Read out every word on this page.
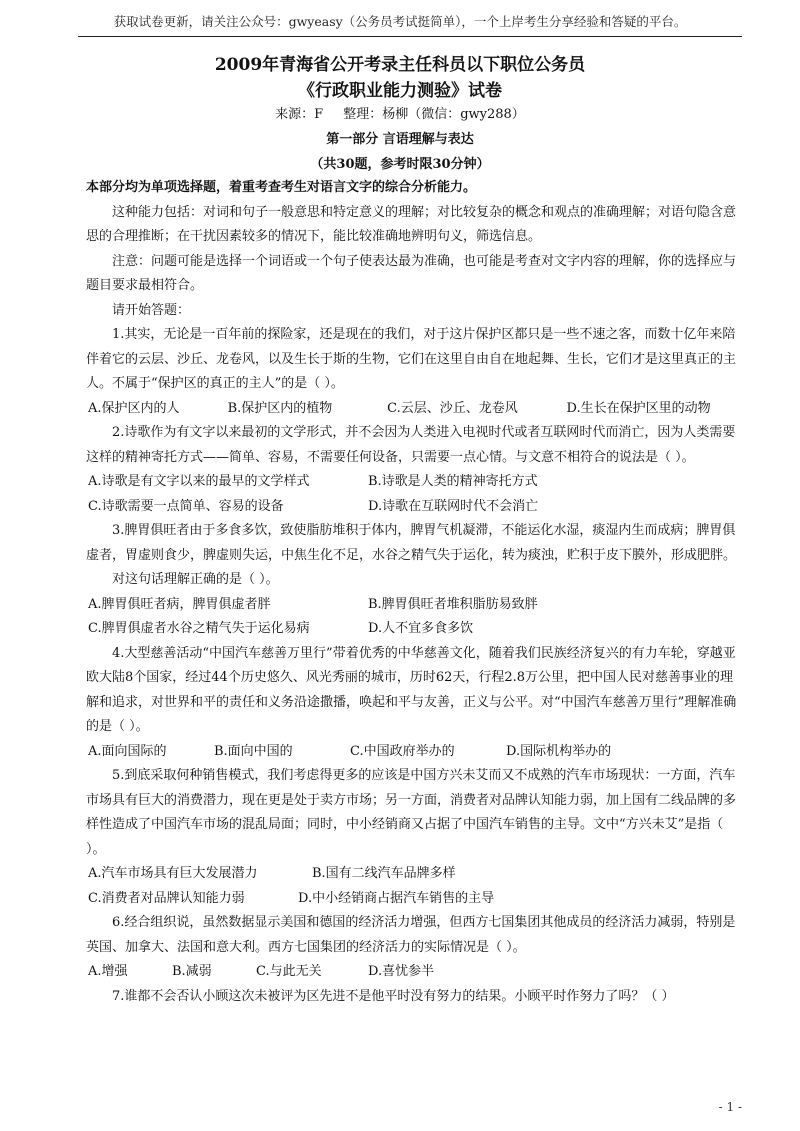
获取试卷更新，请关注公众号：gwyeasy（公务员考试挺简单），一个上岸考生分享经验和答疑的平台。
2009年青海省公开考录主任科员以下职位公务员
《行政职业能力测验》试卷
来源：F 整理：杨柳（微信：gwy288）
第一部分 言语理解与表达
（共30题，参考时限30分钟）

本部分均为单项选择题，着重考查考生对语言文字的综合分析能力。

这种能力包括：对词和句子一般意思和特定意义的理解；对比较复杂的概念和观点的准确理解；对语句隐含意思的合理推断；在干扰因素较多的情况下，能比较准确地辨明句义，筛选信息。

注意：问题可能是选择一个词语或一个句子使表达最为准确，也可能是考查对文字内容的理解，你的选择应与题目要求最相符合。

请开始答题：

1.其实，无论是一百年前的探险家，还是现在的我们，对于这片保护区都只是一些不速之客，而数十亿年来陪伴着它的云层、沙丘、龙卷风，以及生长于斯的生物，它们在这里自由自在地起舞、生长，它们才是这里真正的主人。不属于“保护区的真正的主人”的是（ ）。

A.保护区内的人	B.保护区内的植物	C.云层、沙丘、龙卷风	D.生长在保护区里的动物

2.诗歌作为有文字以来最初的文学形式，并不会因为人类进入电视时代或者互联网时代而消亡，因为人类需要这样的精神寄托方式——简单、容易，不需要任何设备，只需要一点心情。与文意不相符合的说法是（ ）。

A.诗歌是有文字以来的最早的文学样式	B.诗歌是人类的精神寄托方式
C.诗歌需要一点简单、容易的设备	D.诗歌在互联网时代不会消亡

3.脾胃俱旺者由于多食多饮，致使脂肪堆积于体内，脾胃气机凝滞，不能运化水湿，痰湿内生而成病；脾胃俱虚者，胃虚则食少，脾虚则失运，中焦生化不足，水谷之精气失于运化，转为痰浊，贮积于皮下膜外，形成肥胖。

对这句话理解正确的是（ ）。

A.脾胃俱旺者病，脾胃俱虚者胖	B.脾胃俱旺者堆积脂肪易致胖
C.脾胃俱虚者水谷之精气失于运化易病	D.人不宜多食多饮

4.大型慈善活动“中国汽车慈善万里行”带着优秀的中华慈善文化，随着我们民族经济复兴的有力车轮，穿越亚欧大陆8个国家，经过44个历史悠久、风光秀丽的城市，历时62天，行程2.8万公里，把中国人民对慈善事业的理解和追求，对世界和平的责任和义务沿途撒播，唤起和平与友善，正义与公平。对“中国汽车慈善万里行”理解准确的是（ ）。

A.面向国际的	B.面向中国的	C.中国政府举办的	D.国际机构举办的

5.到底采取何种销售模式，我们考虑得更多的应该是中国方兴未艾而又不成熟的汽车市场现状：一方面，汽车市场具有巨大的消费潜力，现在更是处于卖方市场；另一方面，消费者对品牌认知能力弱，加上国有二线品牌的多样性造成了中国汽车市场的混乱局面；同时，中小经销商又占据了中国汽车销售的主导。文中“方兴未艾”是指（ ）。

A.汽车市场具有巨大发展潜力	B.国有二线汽车品牌多样
C.消费者对品牌认知能力弱	D.中小经销商占据汽车销售的主导

6.经合组织说，虽然数据显示美国和德国的经济活力增强，但西方七国集团其他成员的经济活力减弱，特别是英国、加拿大、法国和意大利。西方七国集团的经济活力的实际情况是（ ）。

A.增强	B.减弱	C.与此无关	D.喜忧参半

7.谁都不会否认小顾这次未被评为区先进不是他平时没有努力的结果。小顾平时作努力了吗？（ ）

- 1 -
